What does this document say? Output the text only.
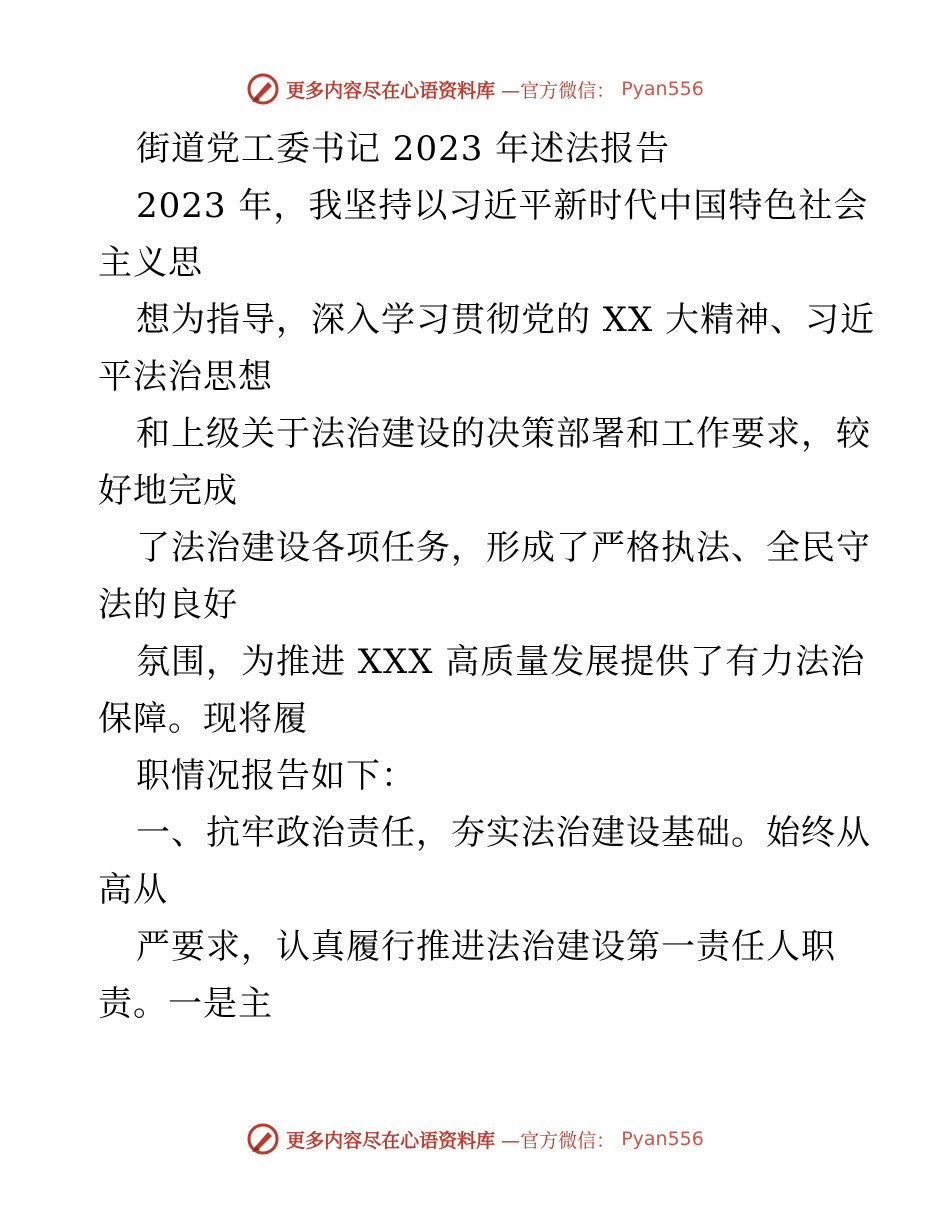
更多内容尽在心语资料库 —官方微信： Pyan556
街道党工委书记 2023 年述法报告
2023 年，我坚持以习近平新时代中国特色社会
主义思
想为指导，深入学习贯彻党的 XX 大精神、习近
平法治思想
和上级关于法治建设的决策部署和工作要求，较
好地完成
了法治建设各项任务，形成了严格执法、全民守
法的良好
氛围，为推进 XXX 高质量发展提供了有力法治
保障。现将履
职情况报告如下：
一、抗牢政治责任，夯实法治建设基础。始终从
高从
严要求，认真履行推进法治建设第一责任人职
责。一是主
更多内容尽在心语资料库 —官方微信： Pyan556
